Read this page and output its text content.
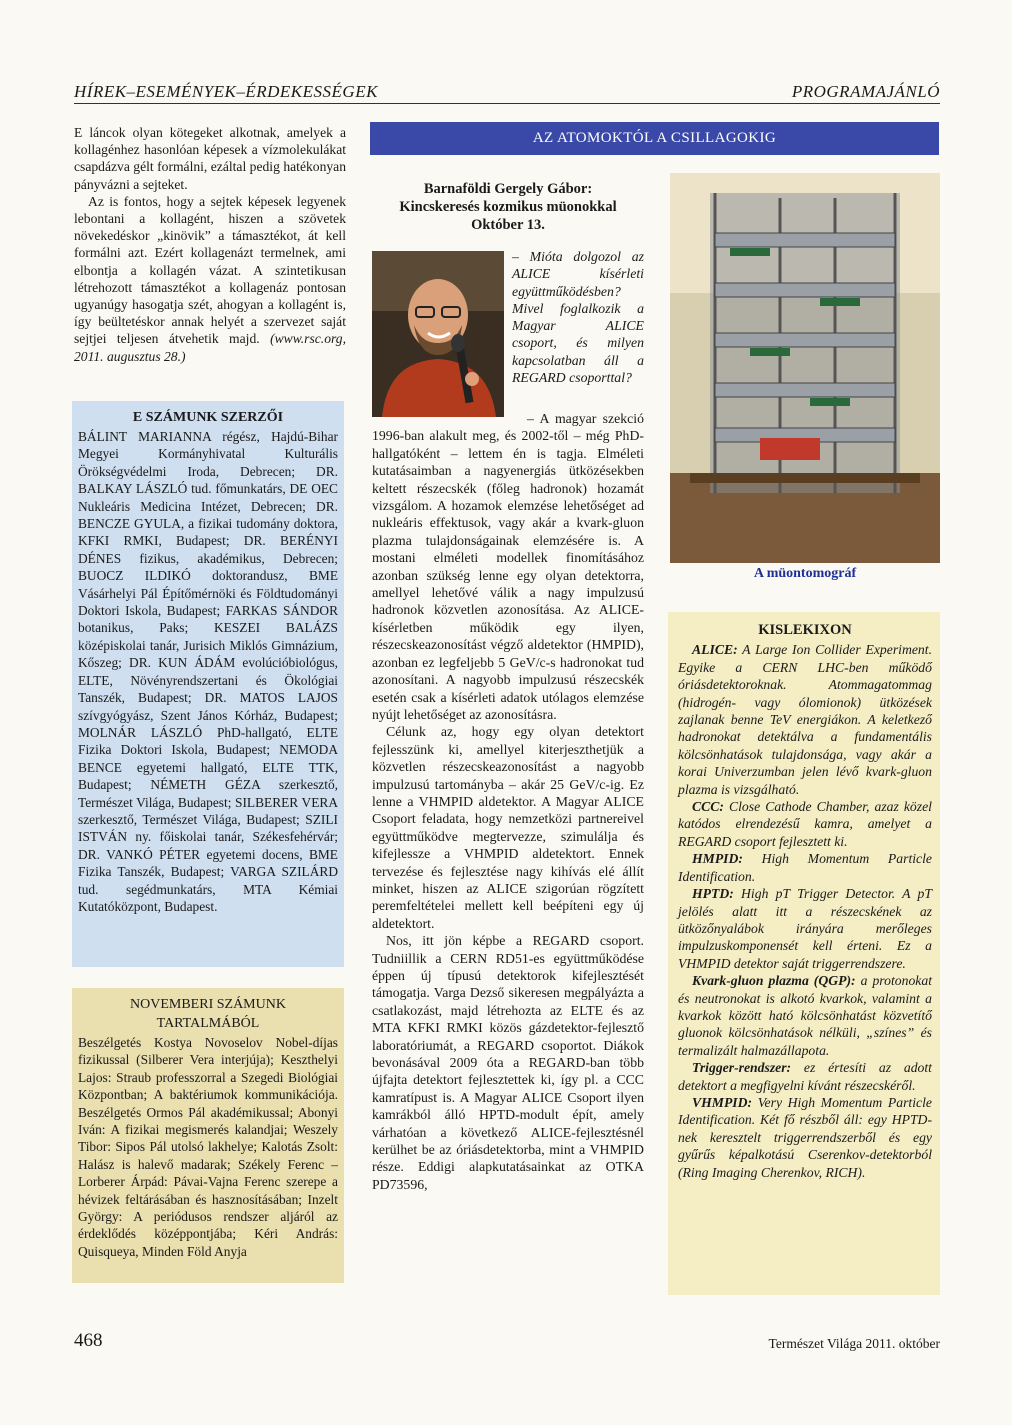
HÍREK–ESEMÉNYEK–ÉRDEKESSÉGEK	PROGRAMAJÁNLÓ

E láncok olyan kötegeket alkotnak, amelyek a kollagénhez hasonlóan képesek a vízmolekulákat csapdázva gélt formálni, ezáltal pedig hatékonyan pányvázni a sejteket.

Az is fontos, hogy a sejtek képesek legyenek lebontani a kollagént, hiszen a szövetek növekedéskor „kinövik” a támasztékot, át kell formálni azt. Ezért kollagenázt termelnek, ami elbontja a kollagén vázat. A szintetikusan létrehozott támasztékot a kollagenáz pontosan ugyanúgy hasogatja szét, ahogyan a kollagént is, így beültetéskor annak helyét a szervezet saját sejtjei teljesen átvehetik majd. (www.rsc.org, 2011. augusztus 28.)

E SZÁMUNK SZERZŐI
BÁLINT MARIANNA régész, Hajdú-Bihar Megyei Kormányhivatal Kulturális Örökségvédelmi Iroda, Debrecen; DR. BALKAY LÁSZLÓ tud. főmunkatárs, DE OEC Nukleáris Medicina Intézet, Debrecen; DR. BENCZE GYULA, a fizikai tudomány doktora, KFKI RMKI, Budapest; DR. BERÉNYI DÉNES fizikus, akadémikus, Debrecen; BUOCZ ILDIKÓ doktorandusz, BME Vásárhelyi Pál Építőmérnöki és Földtudományi Doktori Iskola, Budapest; FARKAS SÁNDOR botanikus, Paks; KESZEI BALÁZS középiskolai tanár, Jurisich Miklós Gimnázium, Kőszeg; DR. KUN ÁDÁM evolúcióbiológus, ELTE, Növényrendszertani és Ökológiai Tanszék, Budapest; DR. MATOS LAJOS szívgyógyász, Szent János Kórház, Budapest; MOLNÁR LÁSZLÓ PhD-hallgató, ELTE Fizika Doktori Iskola, Budapest; NEMODA BENCE egyetemi hallgató, ELTE TTK, Budapest; NÉMETH GÉZA szerkesztő, Természet Világa, Budapest; SILBERER VERA szerkesztő, Természet Világa, Budapest; SZILI ISTVÁN ny. főiskolai tanár, Székesfehérvár; DR. VANKÓ PÉTER egyetemi docens, BME Fizika Tanszék, Budapest; VARGA SZILÁRD tud. segédmunkatárs, MTA Kémiai Kutatóközpont, Budapest.
NOVEMBERI SZÁMUNK
TARTALMÁBÓL
Beszélgetés Kostya Novoselov Nobel-díjas fizikussal (Silberer Vera interjúja); Keszthelyi Lajos: Straub professzorral a Szegedi Biológiai Központban; A baktériumok kommunikációja. Beszélgetés Ormos Pál akadémikussal; Abonyi Iván: A fizikai megismerés kalandjai; Weszely Tibor: Sipos Pál utolsó lakhelye; Kalotás Zsolt: Halász is halevő madarak; Székely Ferenc – Lorberer Árpád: Pávai-Vajna Ferenc szerepe a hévizek feltárásában és hasznosításában; Inzelt György: A periódusos rendszer aljáról az érdeklődés középpontjába; Kéri András: Quisqueya, Minden Föld Anyja
AZ ATOMOKTÓL A CSILLAGOKIG
Barnaföldi Gergely Gábor:
Kincskeresés kozmikus müonokkal
Október 13.
– Mióta dolgozol az ALICE kísérleti együttműködésben? Mivel foglalkozik a Magyar ALICE csoport, és milyen kapcsolatban áll a REGARD csoporttal?

– A magyar szekció 1996-ban alakult meg, és 2002-től – még PhD-hallgatóként – lettem én is tagja. Elméleti kutatásaimban a nagyenergiás ütközésekben keltett részecskék (főleg hadronok) hozamát vizsgálom. A hozamok elemzése lehetőséget ad nukleáris effektusok, vagy akár a kvark-gluon plazma tulajdonságainak elemzésére is. A mostani elméleti modellek finomításához azonban szükség lenne egy olyan detektorra, amellyel lehetővé válik a nagy impulzusú hadronok közvetlen azonosítása. Az ALICE-kísérletben működik egy ilyen, részecskeazonosítást végző aldetektor (HMPID), azonban ez legfeljebb 5 GeV/c-s hadronokat tud azonosítani. A nagyobb impulzusú részecskék esetén csak a kísérleti adatok utólagos elemzése nyújt lehetőséget az azonosításra.

Célunk az, hogy egy olyan detektort fejlesszünk ki, amellyel kiterjeszthetjük a közvetlen részecskeazonosítást a nagyobb impulzusú tartományba – akár 25 GeV/c-ig. Ez lenne a VHMPID aldetektor. A Magyar ALICE Csoport feladata, hogy nemzetközi partnereivel együttműködve megtervezze, szimulálja és kifejlessze a VHMPID aldetektort. Ennek tervezése és fejlesztése nagy kihívás elé állít minket, hiszen az ALICE szigorúan rögzített peremfeltételei mellett kell beépíteni egy új aldetektort.

Nos, itt jön képbe a REGARD csoport. Tudniillik a CERN RD51-es együttműködése éppen új típusú detektorok kifejlesztését támogatja. Varga Dezső sikeresen megpályázta a csatlakozást, majd létrehozta az ELTE és az MTA KFKI RMKI közös gázdetektor-fejlesztő laboratóriumát, a REGARD csoportot. Diákok bevonásával 2009 óta a REGARD-ban több újfajta detektort fejlesztettek ki, így pl. a CCC kamratípust is. A Magyar ALICE Csoport ilyen kamrákból álló HPTD-modult épít, amely várhatóan a következő ALICE-fejlesztésnél kerülhet be az óriásdetektorba, mint a VHMPID része. Eddigi alapkutatásainkat az OTKA PD73596,

A müontomográf
KISLEKIXON

ALICE: A Large Ion Collider Experiment. Egyike a CERN LHC-ben működő óriásdetektoroknak. Atommagatommag (hidrogén- vagy ólomionok) ütközések zajlanak benne TeV energiákon. A keletkező hadronokat detektálva a fundamentális kölcsönhatások tulajdonsága, vagy akár a korai Univerzumban jelen lévő kvark-gluon plazma is vizsgálható.

CCC: Close Cathode Chamber, azaz közel katódos elrendezésű kamra, amelyet a REGARD csoport fejlesztett ki.

HMPID: High Momentum Particle Identification.

HPTD: High pT Trigger Detector. A pT jelölés alatt itt a részecskének az ütközőnyalábok irányára merőleges impulzuskomponensét kell érteni. Ez a VHMPID detektor saját triggerrendszere.

Kvark-gluon plazma (QGP): a protonokat és neutronokat is alkotó kvarkok, valamint a kvarkok között ható kölcsönhatást közvetítő gluonok kölcsönhatások nélküli, „színes” és termalizált halmazállapota.

Trigger-rendszer: ez értesíti az adott detektort a megfigyelni kívánt részecskéről.

VHMPID: Very High Momentum Particle Identification. Két fő részből áll: egy HPTD-nek keresztelt triggerrendszerből és egy gyűrűs képalkotású Cserenkov-detektorból (Ring Imaging Cherenkov, RICH).

468	Természet Világa 2011. október
